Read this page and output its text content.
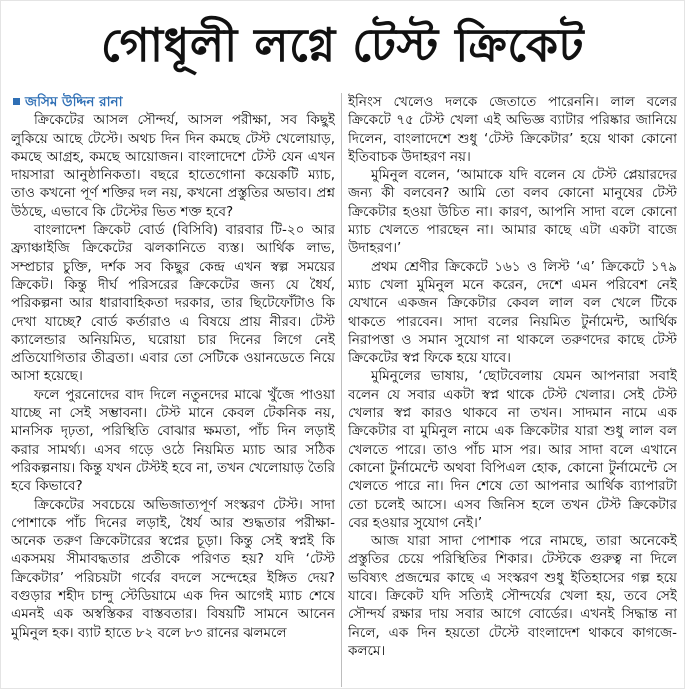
গোধূলী লগ্নে টেস্ট ক্রিকেট

জসিম উদ্দিন রানা

ক্রিকেটের আসল সৌন্দর্য, আসল পরীক্ষা, সব কিছুই লুকিয়ে আছে টেস্টে। অথচ দিন দিন কমছে টেস্ট খেলোয়াড়, কমছে আগ্রহ, কমছে আয়োজন। বাংলাদেশে টেস্ট যেন এখন দায়সারা আনুষ্ঠানিকতা। বছরে হাতেগোনা কয়েকটি ম্যাচ, তাও কখনো পূর্ণ শক্তির দল নয়, কখনো প্রস্তুতির অভাব। প্রশ্ন উঠছে, এভাবে কি টেস্টের ভিত শক্ত হবে?

বাংলাদেশ ক্রিকেট বোর্ড (বিসিবি) বারবার টি-২০ আর ফ্র্যাঞ্চাইজি ক্রিকেটের ঝলকানিতে ব্যস্ত। আর্থিক লাভ, সম্প্রচার চুক্তি, দর্শক সব কিছুর কেন্দ্র এখন স্বল্প সময়ের ক্রিকেট। কিন্তু দীর্ঘ পরিসরের ক্রিকেটের জন্য যে ধৈর্য, পরিকল্পনা আর ধারাবাহিকতা দরকার, তার ছিটেফোঁটাও কি দেখা যাচ্ছে? বোর্ড কর্তারাও এ বিষয়ে প্রায় নীরব। টেস্ট ক্যালেন্ডার অনিয়মিত, ঘরোয়া চার দিনের লিগে নেই প্রতিযোগিতার তীব্রতা। এবার তো সেটিকে ওয়ানডেতে নিয়ে আসা হয়েছে।

ফলে পুরনোদের বাদ দিলে নতুনদের মাঝে খুঁজে পাওয়া যাচ্ছে না সেই সম্ভাবনা। টেস্ট মানে কেবল টেকনিক নয়, মানসিক দৃঢ়তা, পরিস্থিতি বোঝার ক্ষমতা, পাঁচ দিন লড়াই করার সামর্থ্য। এসব গড়ে ওঠে নিয়মিত ম্যাচ আর সঠিক পরিকল্পনায়। কিন্তু যখন টেস্টই হবে না, তখন খেলোয়াড় তৈরি হবে কিভাবে?

ক্রিকেটের সবচেয়ে অভিজাত্যপূর্ণ সংস্করণ টেস্ট। সাদা পোশাকে পাঁচ দিনের লড়াই, ধৈর্য আর শুদ্ধতার পরীক্ষা- অনেক তরুণ ক্রিকেটারের স্বপ্নের চূড়া। কিন্তু সেই স্বপ্নই কি একসময় সীমাবদ্ধতার প্রতীকে পরিণত হয়? যদি ‘টেস্ট ক্রিকেটার’ পরিচয়টা গর্বের বদলে সন্দেহের ইঙ্গিত দেয়? বগুড়ার শহীদ চান্দু স্টেডিয়ামে এক দিন আগেই ম্যাচ শেষে এমনই এক অস্বস্তিকর বাস্তবতার। বিষয়টি সামনে আনেন মুমিনুল হক। ব্যাট হাতে ৮২ বলে ৮৩ রানের ঝলমলে

ইনিংস খেলেও দলকে জেতাতে পারেননি। লাল বলের ক্রিকেটে ৭৫ টেস্ট খেলা এই অভিজ্ঞ ব্যাটার পরিষ্কার জানিয়ে দিলেন, বাংলাদেশে শুধু ‘টেস্ট ক্রিকেটার’ হয়ে থাকা কোনো ইতিবাচক উদাহরণ নয়।

মুমিনুল বলেন, ‘আমাকে যদি বলেন যে টেস্ট প্লেয়ারদের জন্য কী বলবেন? আমি তো বলব কোনো মানুষের টেস্ট ক্রিকেটার হওয়া উচিত না। কারণ, আপনি সাদা বলে কোনো ম্যাচ খেলতে পারছেন না। আমার কাছে এটা একটা বাজে উদাহরণ।’

প্রথম শ্রেণীর ক্রিকেটে ১৬১ ও লিস্ট ‘এ’ ক্রিকেটে ১৭৯ ম্যাচ খেলা মুমিনুল মনে করেন, দেশে এমন পরিবেশ নেই যেখানে একজন ক্রিকেটার কেবল লাল বল খেলে টিকে থাকতে পারবেন। সাদা বলের নিয়মিত টুর্নামেন্ট, আর্থিক নিরাপত্তা ও সমান সুযোগ না থাকলে তরুণদের কাছে টেস্ট ক্রিকেটের স্বপ্ন ফিকে হয়ে যাবে।

মুমিনুলের ভাষায়, ‘ছোটবেলায় যেমন আপনারা সবাই বলেন যে সবার একটা স্বপ্ন থাকে টেস্ট খেলার। সেই টেস্ট খেলার স্বপ্ন কারও থাকবে না তখন। সাদমান নামে এক ক্রিকেটার বা মুমিনুল নামে এক ক্রিকেটার যারা শুধু লাল বল খেলতে পারে। তাও পাঁচ মাস পর। আর সাদা বলে এখানে কোনো টুর্নামেন্টে অথবা বিপিএল হোক, কোনো টুর্নামেন্টে সে খেলতে পারে না। দিন শেষে তো আপনার আর্থিক ব্যাপারটা তো চলেই আসে। এসব জিনিস হলে তখন টেস্ট ক্রিকেটার বের হওয়ার সুযোগ নেই।’

আজ যারা সাদা পোশাক পরে নামছে, তারা অনেকেই প্রস্তুতির চেয়ে পরিস্থিতির শিকার। টেস্টকে গুরুত্ব না দিলে ভবিষ্যৎ প্রজন্মের কাছে এ সংস্করণ শুধু ইতিহাসের গল্প হয়ে যাবে। ক্রিকেট যদি সত্যিই সৌন্দর্যের খেলা হয়, তবে সেই সৌন্দর্য রক্ষার দায় সবার আগে বোর্ডের। এখনই সিদ্ধান্ত না নিলে, এক দিন হয়তো টেস্টে বাংলাদেশ থাকবে কাগজে-কলমে।
